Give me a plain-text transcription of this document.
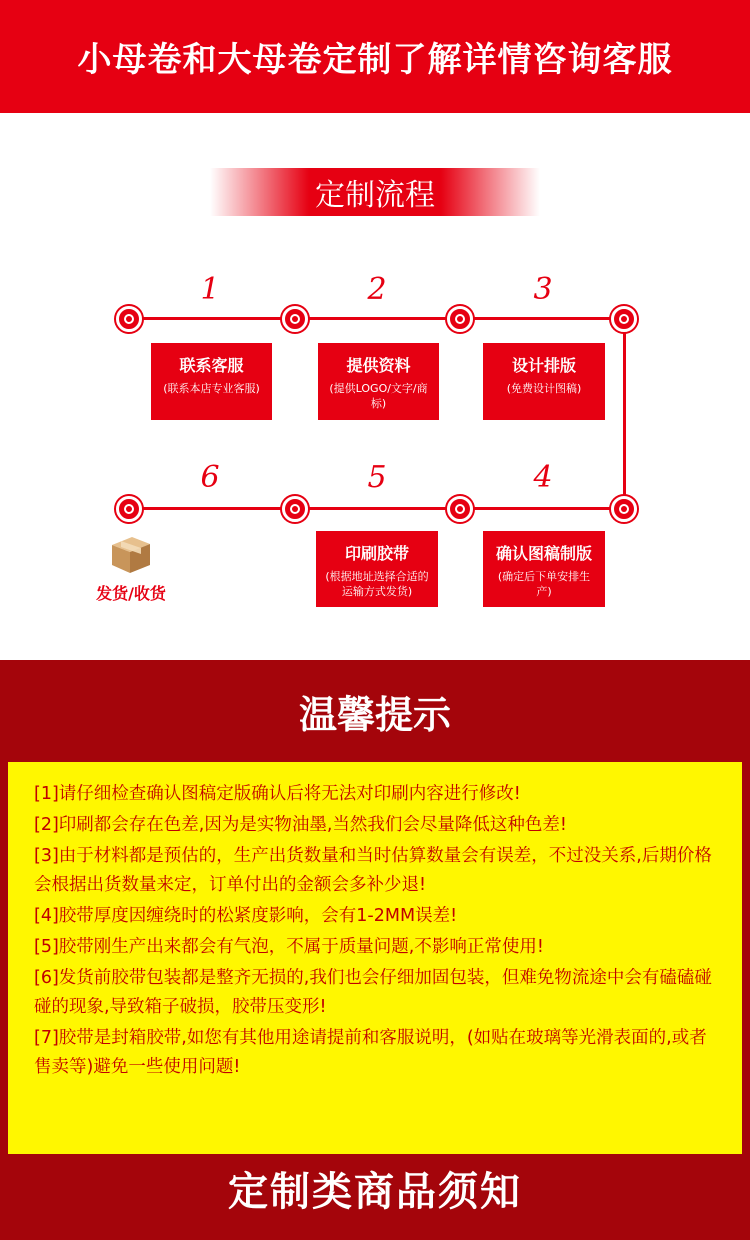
小母卷和大母卷定制了解详情咨询客服
定制流程
1	2	3
6	5	4
联系客服
(联系本店专业客服)
提供资料
(提供LOGO/文字/商标)
设计排版
(免费设计图稿)
印刷胶带
(根据地址选择合适的运输方式发货)
确认图稿制版
(确定后下单安排生产)
发货/收货
温馨提示

[1]请仔细检查确认图稿定版确认后将无法对印刷内容进行修改!

[2]印刷都会存在色差,因为是实物油墨,当然我们会尽量降低这种色差!

[3]由于材料都是预估的，生产出货数量和当时估算数量会有误差，不过没关系,后期价格会根据出货数量来定，订单付出的金额会多补少退!

[4]胶带厚度因缠绕时的松紧度影响，会有1-2MM误差!

[5]胶带刚生产出来都会有气泡，不属于质量问题,不影响正常使用!

[6]发货前胶带包装都是整齐无损的,我们也会仔细加固包装，但难免物流途中会有磕磕碰碰的现象,导致箱子破损，胶带压变形!

[7]胶带是封箱胶带,如您有其他用途请提前和客服说明，(如贴在玻璃等光滑表面的,或者售卖等)避免一些使用问题!

定制类商品须知
